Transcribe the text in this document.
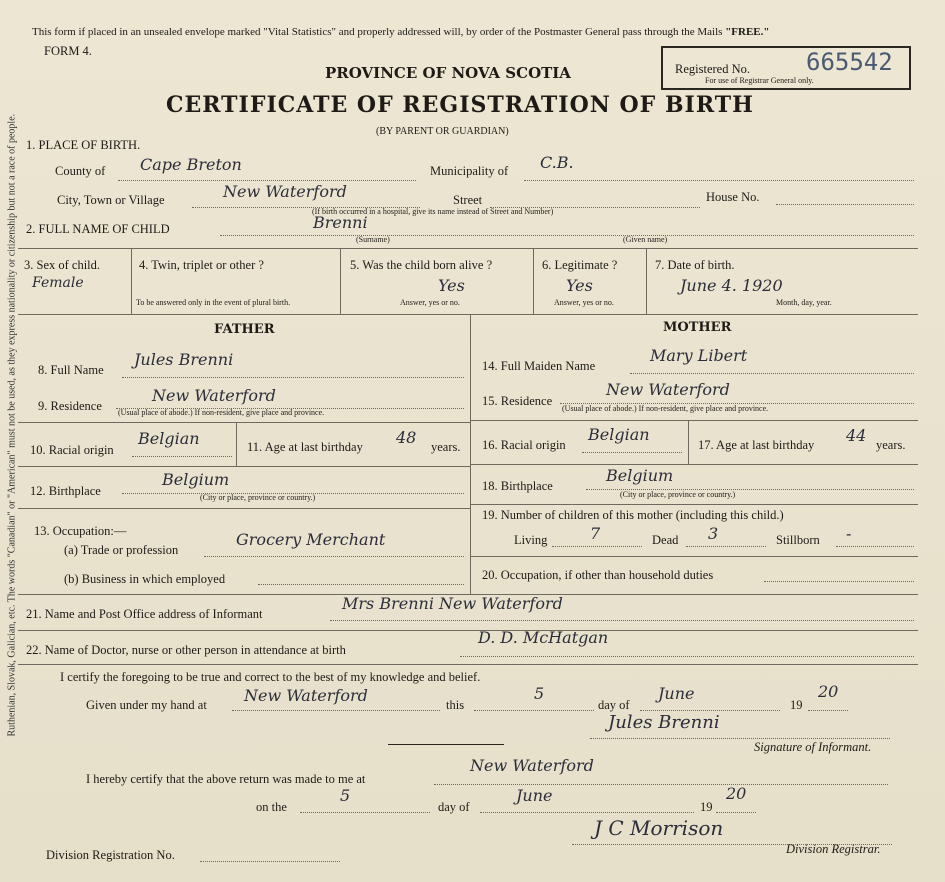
Ruthenian, Slovak, Galician, etc. The words "Canadian" or "American" must not be used, as they express nationality or citizenship but not a race of people.
This form if placed in an unsealed envelope marked "Vital Statistics" and properly addressed will, by order of the Postmaster General pass through the Mails "FREE."
FORM 4.
PROVINCE OF NOVA SCOTIA
CERTIFICATE OF REGISTRATION OF BIRTH
(BY PARENT OR GUARDIAN)
Registered No. 665542
For use of Registrar General only.
1. PLACE OF BIRTH.
County of Cape Breton	Municipality of C.B.
City, Town or Village	New Waterford	Street	House No.
(If birth occurred in a hospital, give its name instead of Street and Number)
2. FULL NAME OF CHILD	Brenni
(Surname)	(Given name)
3. Sex of child.
Female
4. Twin, triplet or other ?
To be answered only in the event of plural birth.
5. Was the child born alive ?
Yes
Answer, yes or no.
6. Legitimate ?
Yes
Answer, yes or no.
7. Date of birth.
June 4. 1920
Month, day, year.
FATHER	MOTHER
8. Full Name
Jules Brenni
9. Residence
New Waterford
(Usual place of abode.) If non-resident, give place and province.
10. Racial origin
Belgian	11. Age at last birthday 48 years.
12. Birthplace
Belgium
(City or place, province or country.)
13. Occupation:—
(a) Trade or profession
Grocery Merchant
(b) Business in which employed
14. Full Maiden Name
Mary Libert
15. Residence
New Waterford
(Usual place of abode.) If non-resident, give place and province.
16. Racial origin
Belgian
17. Age at last birthday 44 years.
18. Birthplace
Belgium
(City or place, province or country.)
19. Number of children of this mother (including this child.)
Living	7	Dead 3	Stillborn -
20. Occupation, if other than household duties
21. Name and Post Office address of Informant
Mrs Brenni New Waterford
22. Name of Doctor, nurse or other person in attendance at birth
D. D. McHatgan
I certify the foregoing to be true and correct to the best of my knowledge and belief.
Given under my hand at New Waterford	this
5
day of
June
19
20
Jules Brenni
Signature of Informant.
I hereby certify that the above return was made to me at
New Waterford
on the
5
day of
June
19
20
J C Morrison
Division Registrar.
Division Registration No.
